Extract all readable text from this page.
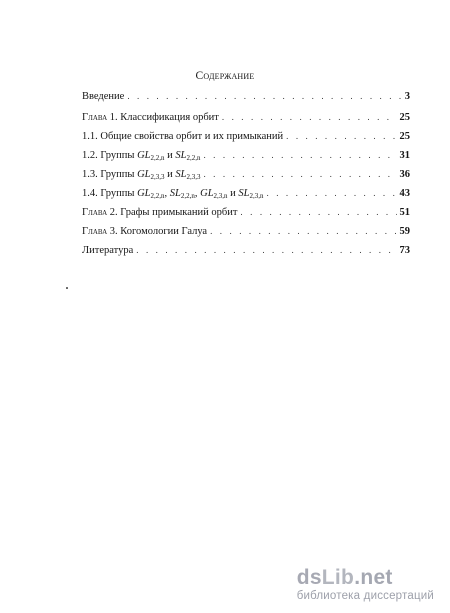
Содержание
Введение . . .	3
Глава 1. Классификация орбит . . .	25
1.1. Общие свойства орбит и их примыканий . . .	25
1.2. Группы $GL_{2,2,n}$ и $SL_{2,2,n}$ . . .	31
1.3. Группы $GL_{2,3,3}$ и $SL_{2,3,3}$ . . .	36
1.4. Группы $GL_{2,2,n}$, $SL_{2,2,n}$, $GL_{2,3,n}$ и $SL_{2,3,n}$ . . .	43
Глава 2. Графы примыканий орбит . . .	51
Глава 3. Когомологии Галуа . . .	59
Литература . . .	73
dsLib.net
библиотека диссертаций
